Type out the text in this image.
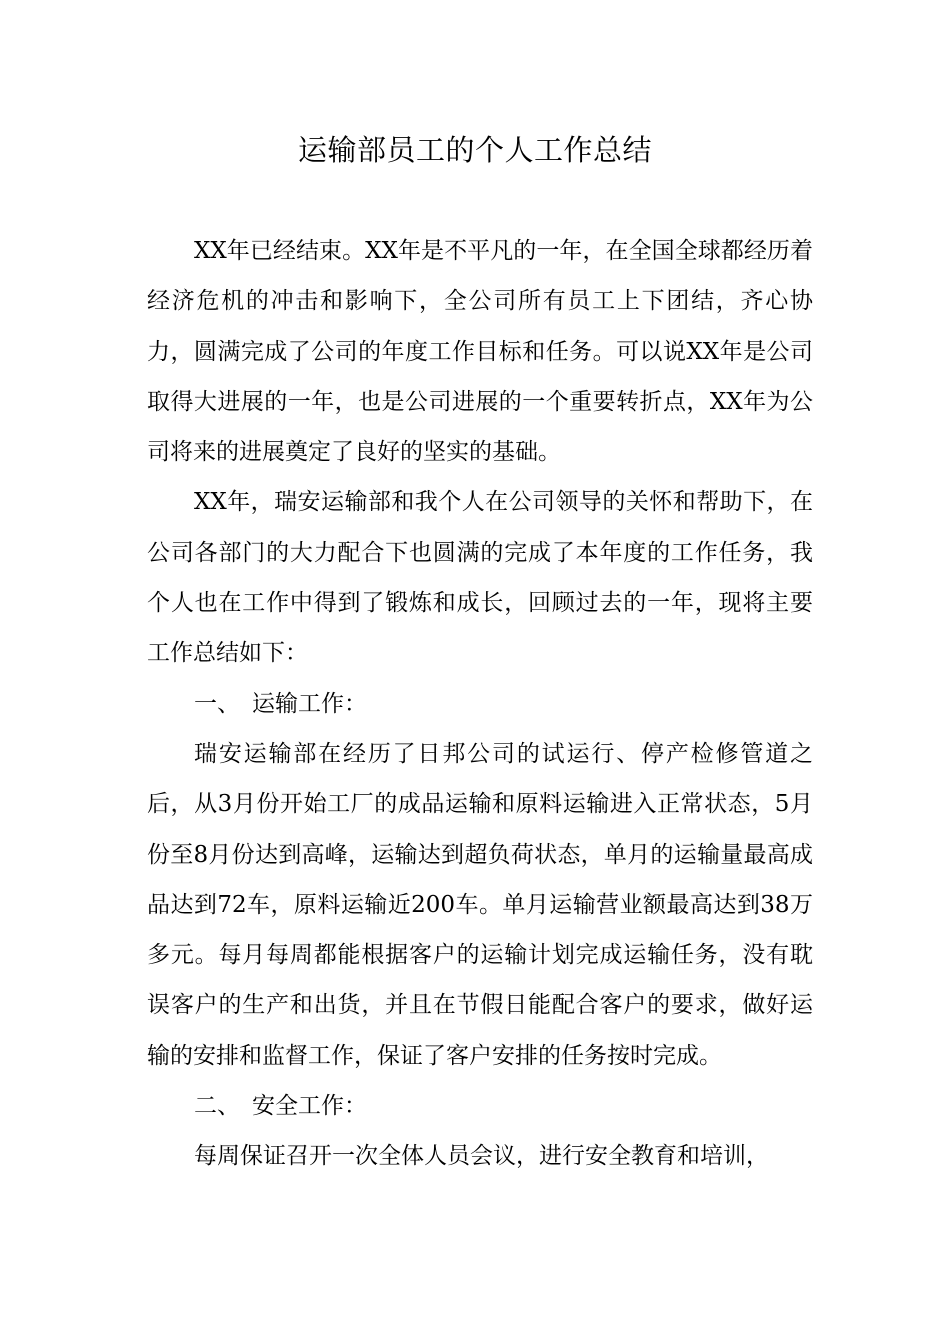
运输部员工的个人工作总结

XX年已经结束。XX年是不平凡的一年，在全国全球都经历着经济危机的冲击和影响下，全公司所有员工上下团结，齐心协力，圆满完成了公司的年度工作目标和任务。可以说XX年是公司取得大进展的一年，也是公司进展的一个重要转折点，XX年为公司将来的进展奠定了良好的坚实的基础。

XX年，瑞安运输部和我个人在公司领导的关怀和帮助下，在公司各部门的大力配合下也圆满的完成了本年度的工作任务，我个人也在工作中得到了锻炼和成长，回顾过去的一年，现将主要工作总结如下：

一、 运输工作：

瑞安运输部在经历了日邦公司的试运行、停产检修管道之后，从3月份开始工厂的成品运输和原料运输进入正常状态，5月份至8月份达到高峰，运输达到超负荷状态，单月的运输量最高成品达到72车，原料运输近200车。单月运输营业额最高达到38万多元。每月每周都能根据客户的运输计划完成运输任务，没有耽误客户的生产和出货，并且在节假日能配合客户的要求，做好运输的安排和监督工作，保证了客户安排的任务按时完成。

二、 安全工作：

每周保证召开一次全体人员会议，进行安全教育和培训，
